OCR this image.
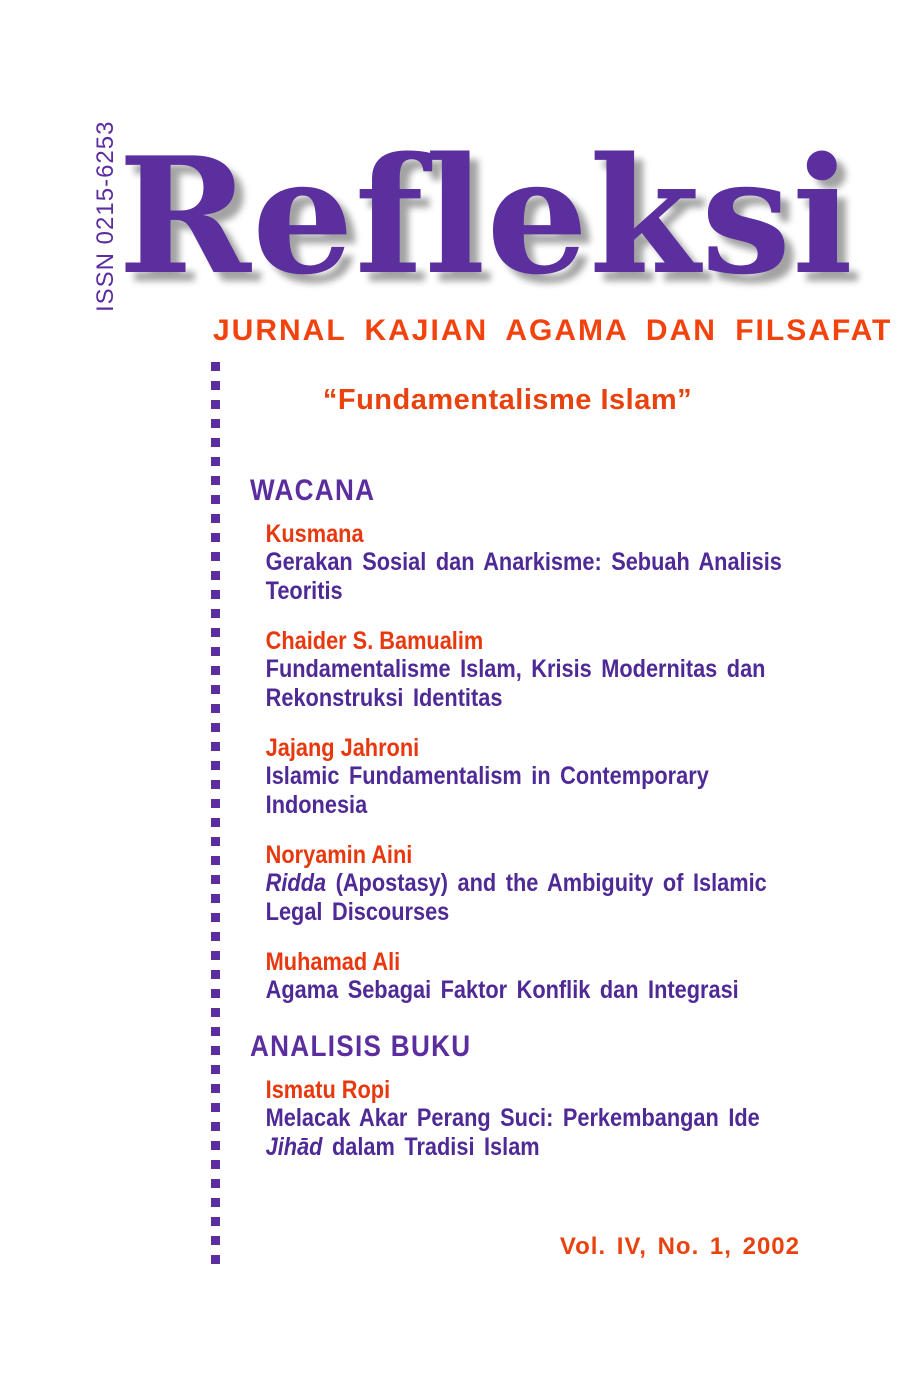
ISSN 0215-6253 Refleksi
JURNAL KAJIAN AGAMA DAN FILSAFAT
“Fundamentalisme Islam”
WACANA
Kusmana
Gerakan Sosial dan Anarkisme: Sebuah Analisis
Teoritis
Chaider S. Bamualim
Fundamentalisme Islam, Krisis Modernitas dan
Rekonstruksi Identitas
Jajang Jahroni
Islamic Fundamentalism in Contemporary
Indonesia
Noryamin Aini
Ridda (Apostasy) and the Ambiguity of Islamic
Legal Discourses
Muhamad Ali
Agama Sebagai Faktor Konflik dan Integrasi
ANALISIS BUKU
Ismatu Ropi
Melacak Akar Perang Suci: Perkembangan Ide
Jihād dalam Tradisi Islam
Vol. IV, No. 1, 2002
